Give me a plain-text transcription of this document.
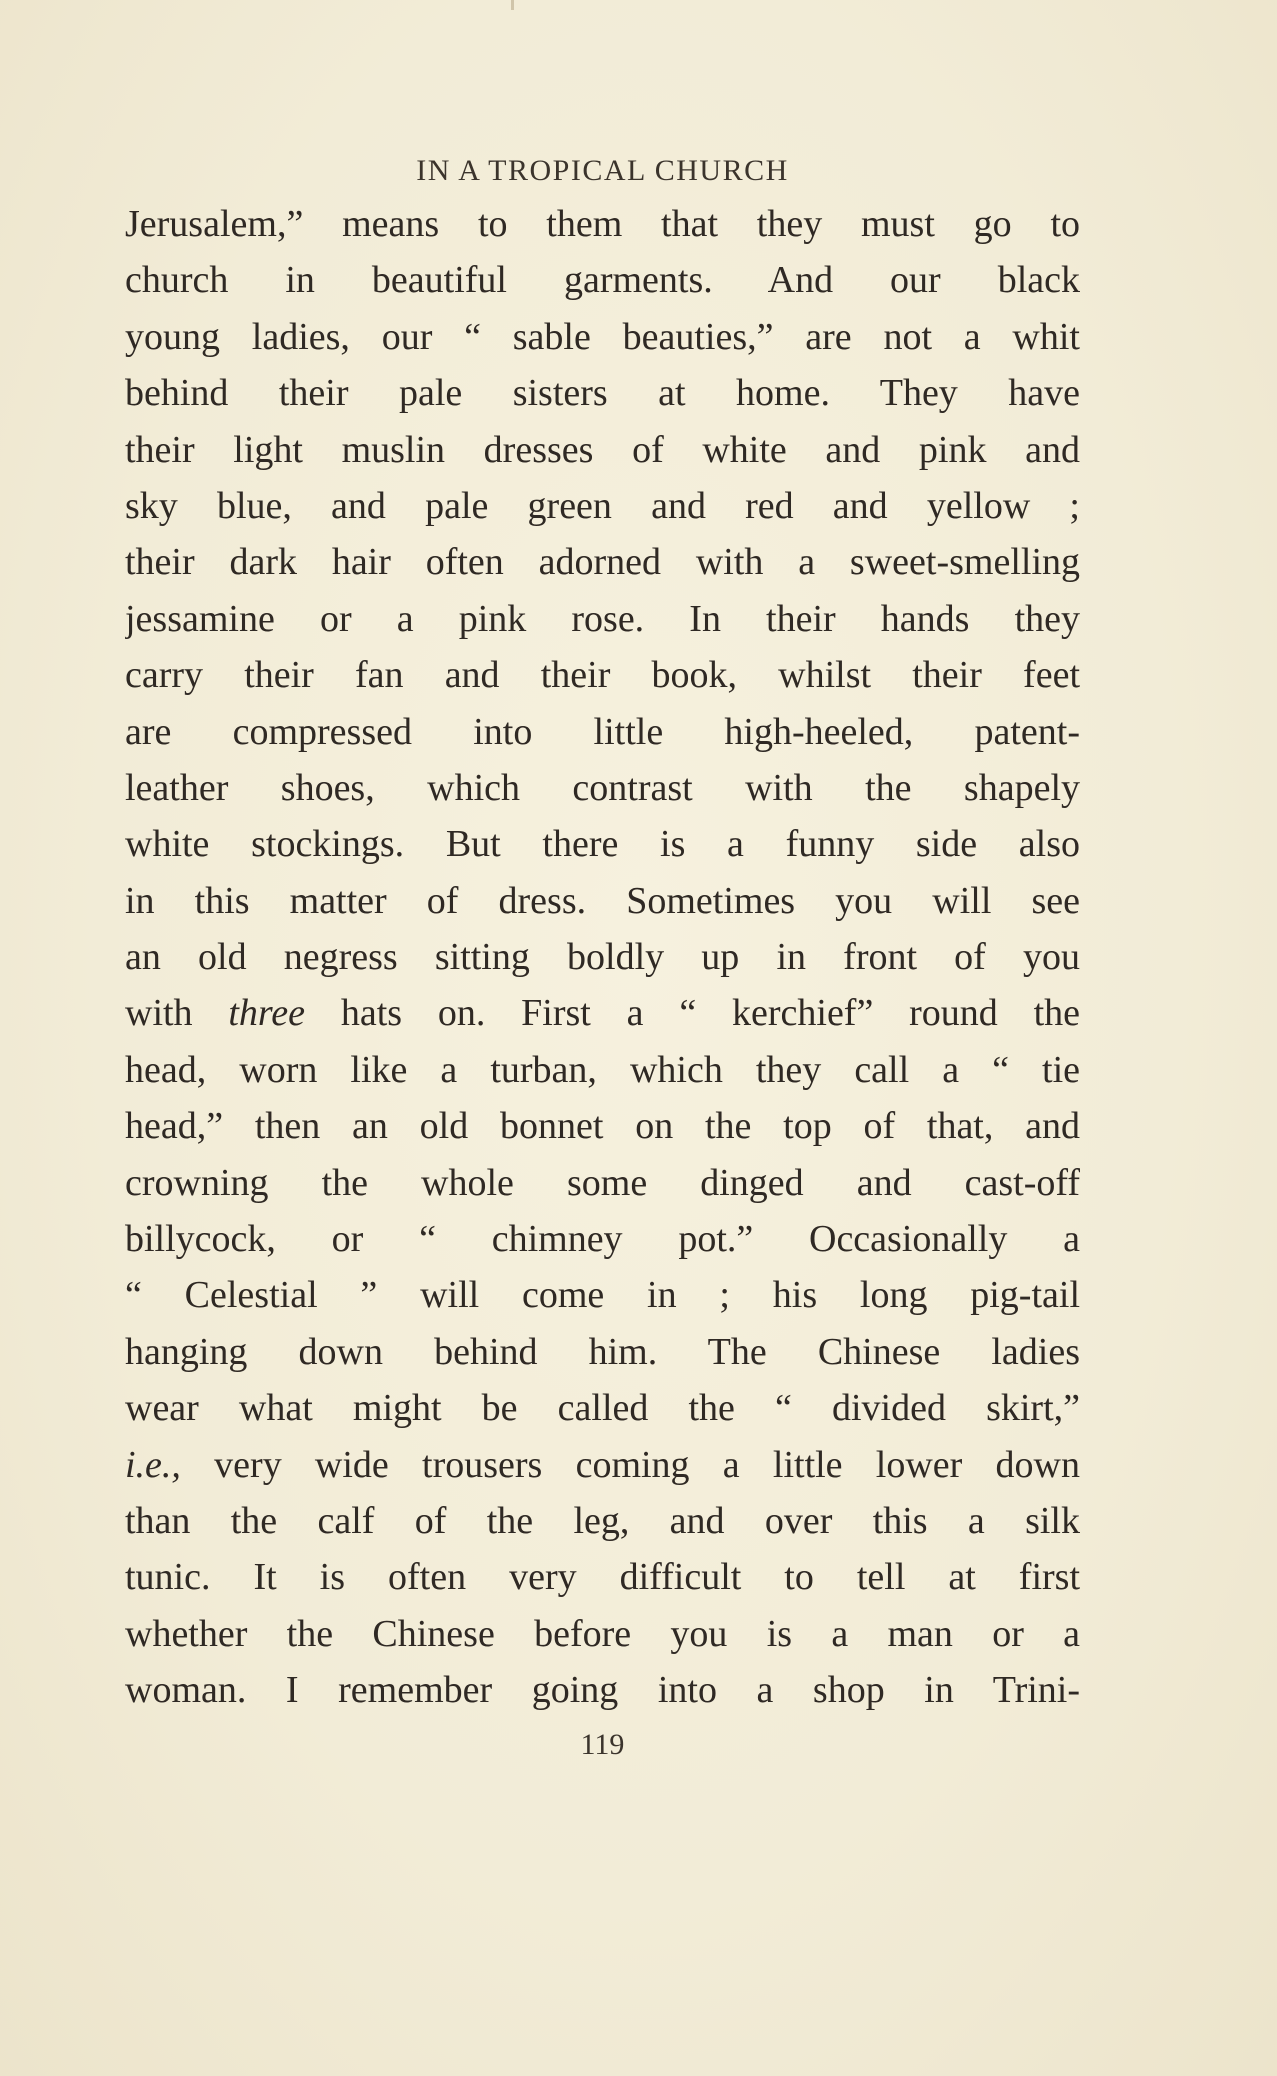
IN A TROPICAL CHURCH
Jerusalem,” means to them that they must go to
church in beautiful garments. And our black
young ladies, our “ sable beauties,” are not a whit
behind their pale sisters at home. They have
their light muslin dresses of white and pink and
sky blue, and pale green and red and yellow ;
their dark hair often adorned with a sweet-smelling
jessamine or a pink rose. In their hands they
carry their fan and their book, whilst their feet
are compressed into little high-heeled, patent-
leather shoes, which contrast with the shapely
white stockings. But there is a funny side also
in this matter of dress. Sometimes you will see
an old negress sitting boldly up in front of you
with three hats on. First a “ kerchief” round the
head, worn like a turban, which they call a “ tie
head,” then an old bonnet on the top of that, and
crowning the whole some dinged and cast-off
billycock, or “ chimney pot.” Occasionally a
“ Celestial ” will come in ; his long pig-tail
hanging down behind him. The Chinese ladies
wear what might be called the “ divided skirt,”
i.e., very wide trousers coming a little lower down
than the calf of the leg, and over this a silk
tunic. It is often very difficult to tell at first
whether the Chinese before you is a man or a
woman. I remember going into a shop in Trini-
119
